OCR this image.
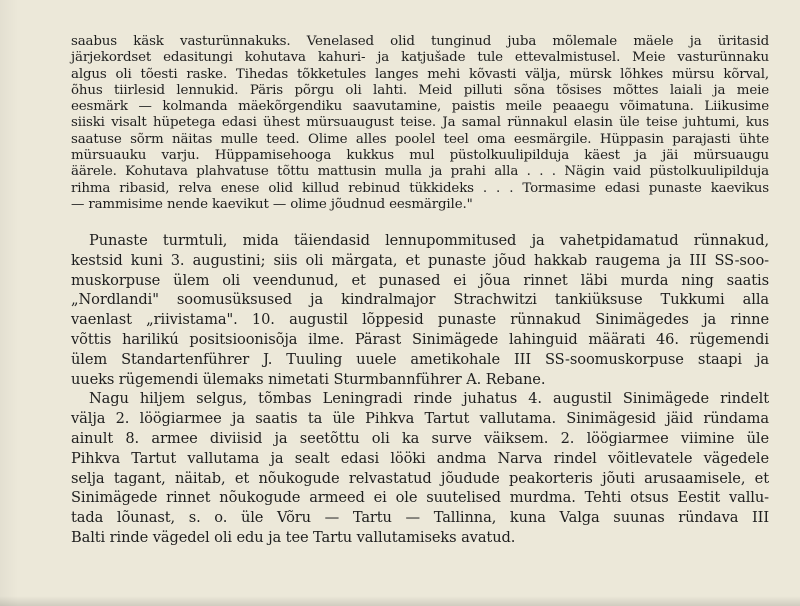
saabus käsk vasturünnakuks. Venelased olid tunginud juba mõlemale mäele ja üritasid
järjekordset edasitungi kohutava kahuri- ja katjušade tule ettevalmistusel. Meie vasturünnaku
algus oli tõesti raske. Tihedas tõkketules langes mehi kõvasti välja, mürsk lõhkes mürsu kõrval,
õhus tiirlesid lennukid. Päris põrgu oli lahti. Meid pilluti sõna tõsises mõttes laiali ja meie
eesmärk — kolmanda mäekõrgendiku saavutamine, paistis meile peaaegu võimatuna. Liikusime
siiski visalt hüpetega edasi ühest mürsuaugust teise. Ja samal rünnakul elasin üle teise juhtumi, kus
saatuse sõrm näitas mulle teed. Olime alles poolel teel oma eesmärgile. Hüppasin parajasti ühte
mürsuauku varju. Hüppamisehooga kukkus mul püstolkuulipilduja käest ja jäi mürsuaugu
äärele. Kohutava plahvatuse tõttu mattusin mulla ja prahi alla . . . Nägin vaid püstolkuulipilduja
rihma ribasid, relva enese olid killud rebinud tükkideks . . . Tormasime edasi punaste kaevikus
— rammisime nende kaevikut — olime jõudnud eesmärgile."
Punaste turmtuli, mida täiendasid lennupommitused ja vahetpidamatud rünnakud,
kestsid kuni 3. augustini; siis oli märgata, et punaste jõud hakkab raugema ja III SS-soo-
muskorpuse ülem oli veendunud, et punased ei jõua rinnet läbi murda ning saatis
„Nordlandi" soomusüksused ja kindralmajor Strachwitzi tankiüksuse Tukkumi alla
vaenlast „riivistama". 10. augustil lõppesid punaste rünnakud Sinimägedes ja rinne
võttis harilikú positsioonisõja ilme. Pärast Sinimägede lahinguid määrati 46. rügemendi
ülem Standartenführer J. Tuuling uuele ametikohale III SS-soomuskorpuse staapi ja
uueks rügemendi ülemaks nimetati Sturmbannführer A. Rebane.
Nagu hiljem selgus, tõmbas Leningradi rinde juhatus 4. augustil Sinimägede rindelt
välja 2. löögiarmee ja saatis ta üle Pihkva Tartut vallutama. Sinimägesid jäid ründama
ainult 8. armee diviisid ja seetõttu oli ka surve väiksem. 2. löögiarmee viimine üle
Pihkva Tartut vallutama ja sealt edasi lööki andma Narva rindel võitlevatele vägedele
selja tagant, näitab, et nõukogude relvastatud jõudude peakorteris jõuti arusaamisele, et
Sinimägede rinnet nõukogude armeed ei ole suutelised murdma. Tehti otsus Eestit vallu-
tada lõunast, s. o. üle Võru — Tartu — Tallinna, kuna Valga suunas ründava III
Balti rinde vägedel oli edu ja tee Tartu vallutamiseks avatud.
